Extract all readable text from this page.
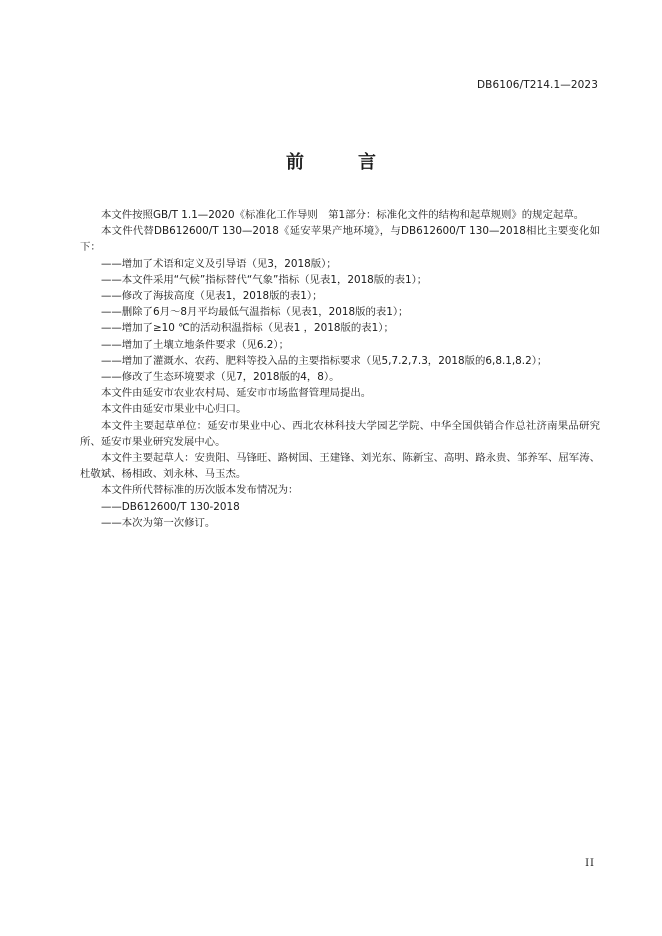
DB6106/T214.1—2023
前　言

本文件按照GB/T 1.1—2020《标准化工作导则　第1部分：标准化文件的结构和起草规则》的规定起草。

本文件代替DB612600/T 130—2018《延安苹果产地环境》，与DB612600/T 130—2018相比主要变化如下：

——增加了术语和定义及引导语（见3，2018版）；

——本文件采用“气候”指标替代“气象”指标（见表1，2018版的表1）；

——修改了海拔高度（见表1，2018版的表1）；

——删除了6月～8月平均最低气温指标（见表1，2018版的表1）；

——增加了≥10 ℃的活动积温指标（见表1 ，2018版的表1）；

——增加了土壤立地条件要求（见6.2）；

——增加了灌溉水、农药、肥料等投入品的主要指标要求（见5,7.2,7.3，2018版的6,8.1,8.2）；

——修改了生态环境要求（见7，2018版的4，8）。

本文件由延安市农业农村局、延安市市场监督管理局提出。

本文件由延安市果业中心归口。

本文件主要起草单位：延安市果业中心、西北农林科技大学园艺学院、中华全国供销合作总社济南果品研究所、延安市果业研究发展中心。

本文件主要起草人：安贵阳、马锋旺、路树国、王建锋、刘光东、陈新宝、高明、路永贵、邹养军、屈军涛、杜敬斌、杨相政、刘永林、马玉杰。

本文件所代替标准的历次版本发布情况为：

——DB612600/T 130-2018

——本次为第一次修订。

II
